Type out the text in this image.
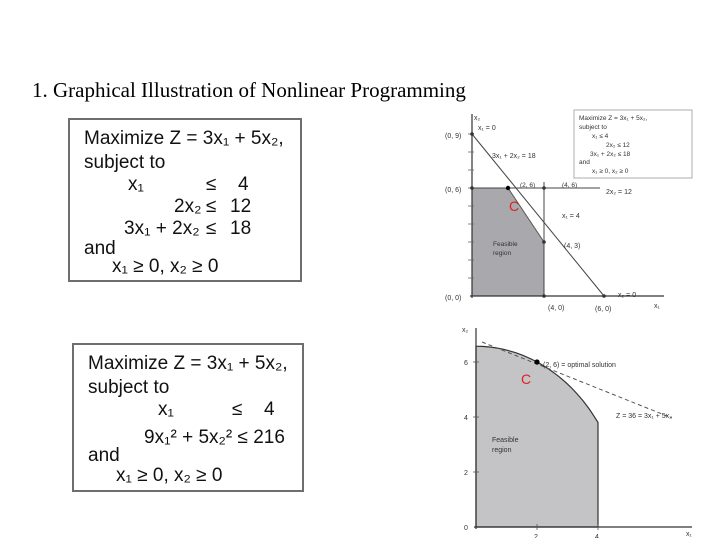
1. Graphical Illustration of Nonlinear Programming
Maximize Z = 3x₁ + 5x₂,
subject to
x₁	≤ 4
2x₂ ≤ 12
3x₁ + 2x₂ ≤ 18
and
x₁ ≥ 0, x₂ ≥ 0
Maximize Z = 3x₁ + 5x₂,
subject to
x₁	≤ 4
9x₁² + 5x₂² ≤ 216
and
x₁ ≥ 0, x₂ ≥ 0
x₂
x₁
x₁ = 0
(0, 9)
3x₁ + 2x₂ = 18
(2, 6)	(4, 6)
2x₂ = 12
(0, 6)
x₁ = 4
(4, 3)
Feasible
region
(0, 0)
(4, 0)	(6, 0)
x₂ = 0
C
Maximize Z = 3x₁ + 5x₂,
subject to
x₁ ≤ 4
2x₂ ≤ 12
3x₁ + 2x₂ ≤ 18
and
x₁ ≥ 0, x₂ ≥ 0
x₂
x₁
0
2
4
6
2	4
(2, 6) = optimal solution
Z = 36 = 3x₁ + 5x₂
Feasible
region
C
